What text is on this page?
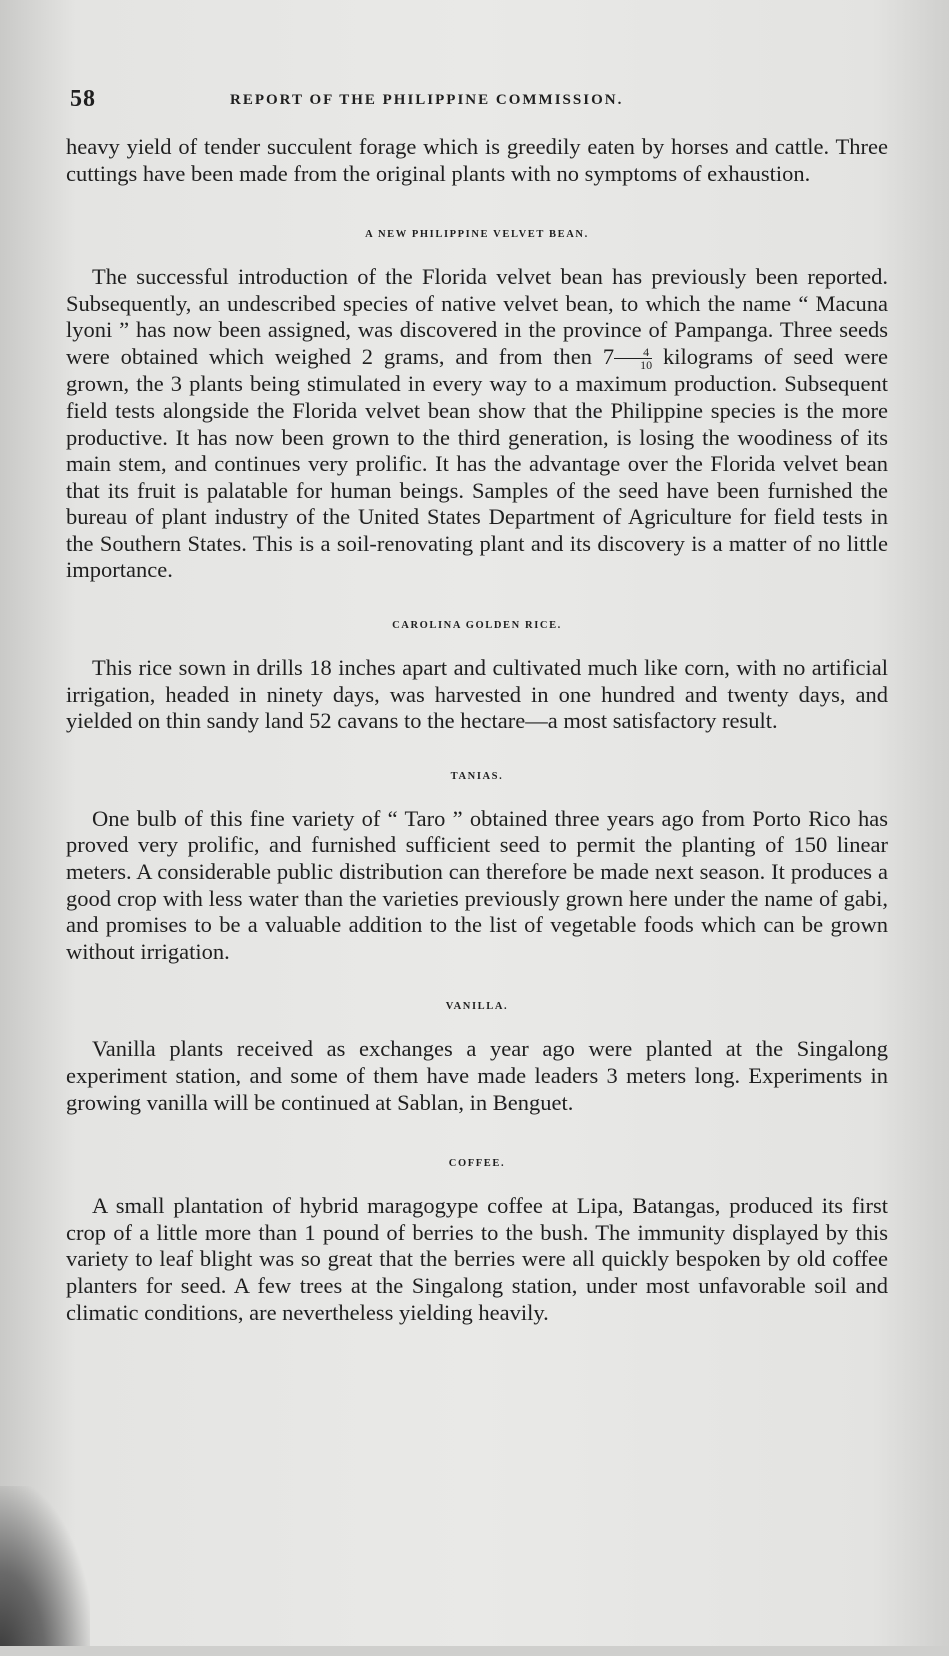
58	REPORT OF THE PHILIPPINE COMMISSION.

heavy yield of tender succulent forage which is greedily eaten by horses and cattle. Three cuttings have been made from the original plants with no symptoms of exhaustion.

A NEW PHILIPPINE VELVET BEAN.

The successful introduction of the Florida velvet bean has previously been reported. Subsequently, an undescribed species of native velvet bean, to which the name “ Macuna lyoni ” has now been assigned, was discovered in the province of Pampanga. Three seeds were obtained which weighed 2 grams, and from then $7 \frac{4}{10}$ kilograms of seed were grown, the 3 plants being stimulated in every way to a maximum production. Subsequent field tests alongside the Florida velvet bean show that the Philippine species is the more productive. It has now been grown to the third generation, is losing the woodiness of its main stem, and continues very prolific. It has the advantage over the Florida velvet bean that its fruit is palatable for human beings. Samples of the seed have been furnished the bureau of plant industry of the United States Department of Agriculture for field tests in the Southern States. This is a soil-renovating plant and its discovery is a matter of no little importance.

CAROLINA GOLDEN RICE.

This rice sown in drills 18 inches apart and cultivated much like corn, with no artificial irrigation, headed in ninety days, was harvested in one hundred and twenty days, and yielded on thin sandy land 52 cavans to the hectare—a most satisfactory result.

TANIAS.

One bulb of this fine variety of “ Taro ” obtained three years ago from Porto Rico has proved very prolific, and furnished sufficient seed to permit the planting of 150 linear meters. A considerable public distribution can therefore be made next season. It produces a good crop with less water than the varieties previously grown here under the name of gabi, and promises to be a valuable addition to the list of vegetable foods which can be grown without irrigation.

VANILLA.

Vanilla plants received as exchanges a year ago were planted at the Singalong experiment station, and some of them have made leaders 3 meters long. Experiments in growing vanilla will be continued at Sablan, in Benguet.

COFFEE.

A small plantation of hybrid maragogype coffee at Lipa, Batangas, produced its first crop of a little more than 1 pound of berries to the bush. The immunity displayed by this variety to leaf blight was so great that the berries were all quickly bespoken by old coffee planters for seed. A few trees at the Singalong station, under most unfavorable soil and climatic conditions, are nevertheless yielding heavily.
